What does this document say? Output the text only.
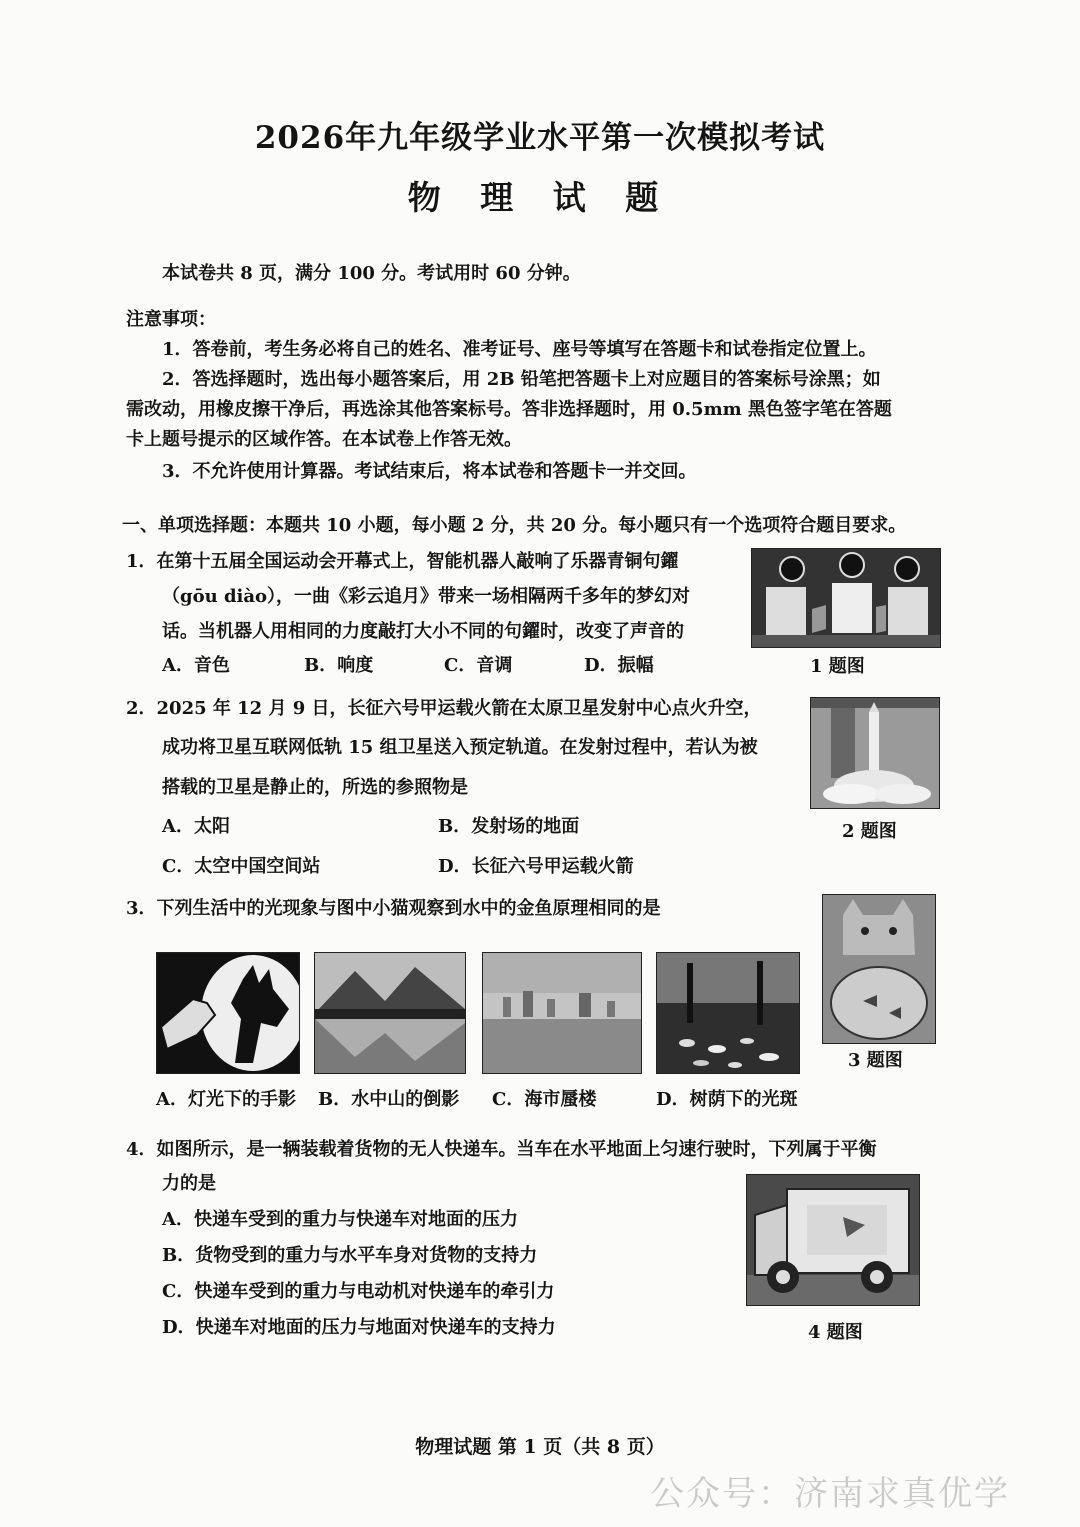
2026年九年级学业水平第一次模拟考试
物 理 试 题
本试卷共 8 页，满分 100 分。考试用时 60 分钟。
注意事项：
1．答卷前，考生务必将自己的姓名、准考证号、座号等填写在答题卡和试卷指定位置上。
2．答选择题时，选出每小题答案后，用 2B 铅笔把答题卡上对应题目的答案标号涂黑；如
需改动，用橡皮擦干净后，再选涂其他答案标号。答非选择题时，用 0.5mm 黑色签字笔在答题
卡上题号提示的区域作答。在本试卷上作答无效。
3．不允许使用计算器。考试结束后，将本试卷和答题卡一并交回。
一、单项选择题：本题共 10 小题，每小题 2 分，共 20 分。每小题只有一个选项符合题目要求。
1．在第十五届全国运动会开幕式上，智能机器人敲响了乐器青铜句鑃
（gōu diào），一曲《彩云追月》带来一场相隔两千多年的梦幻对
话。当机器人用相同的力度敲打大小不同的句鑃时，改变了声音的
A．音色	B．响度	C．音调	D．振幅	1 题图
2．2025 年 12 月 9 日，长征六号甲运载火箭在太原卫星发射中心点火升空，
成功将卫星互联网低轨 15 组卫星送入预定轨道。在发射过程中，若认为被
搭载的卫星是静止的，所选的参照物是
A．太阳	B．发射场的地面
C．太空中国空间站	D．长征六号甲运载火箭
2 题图
3．下列生活中的光现象与图中小猫观察到水中的金鱼原理相同的是
3 题图
A．灯光下的手影 B．水中山的倒影 C．海市蜃楼	D．树荫下的光斑
4．如图所示，是一辆装载着货物的无人快递车。当车在水平地面上匀速行驶时，下列属于平衡
力的是
A．快递车受到的重力与快递车对地面的压力
B．货物受到的重力与水平车身对货物的支持力
C．快递车受到的重力与电动机对快递车的牵引力
D．快递车对地面的压力与地面对快递车的支持力	4 题图
物理试题 第 1 页（共 8 页）
公众号：济南求真优学
